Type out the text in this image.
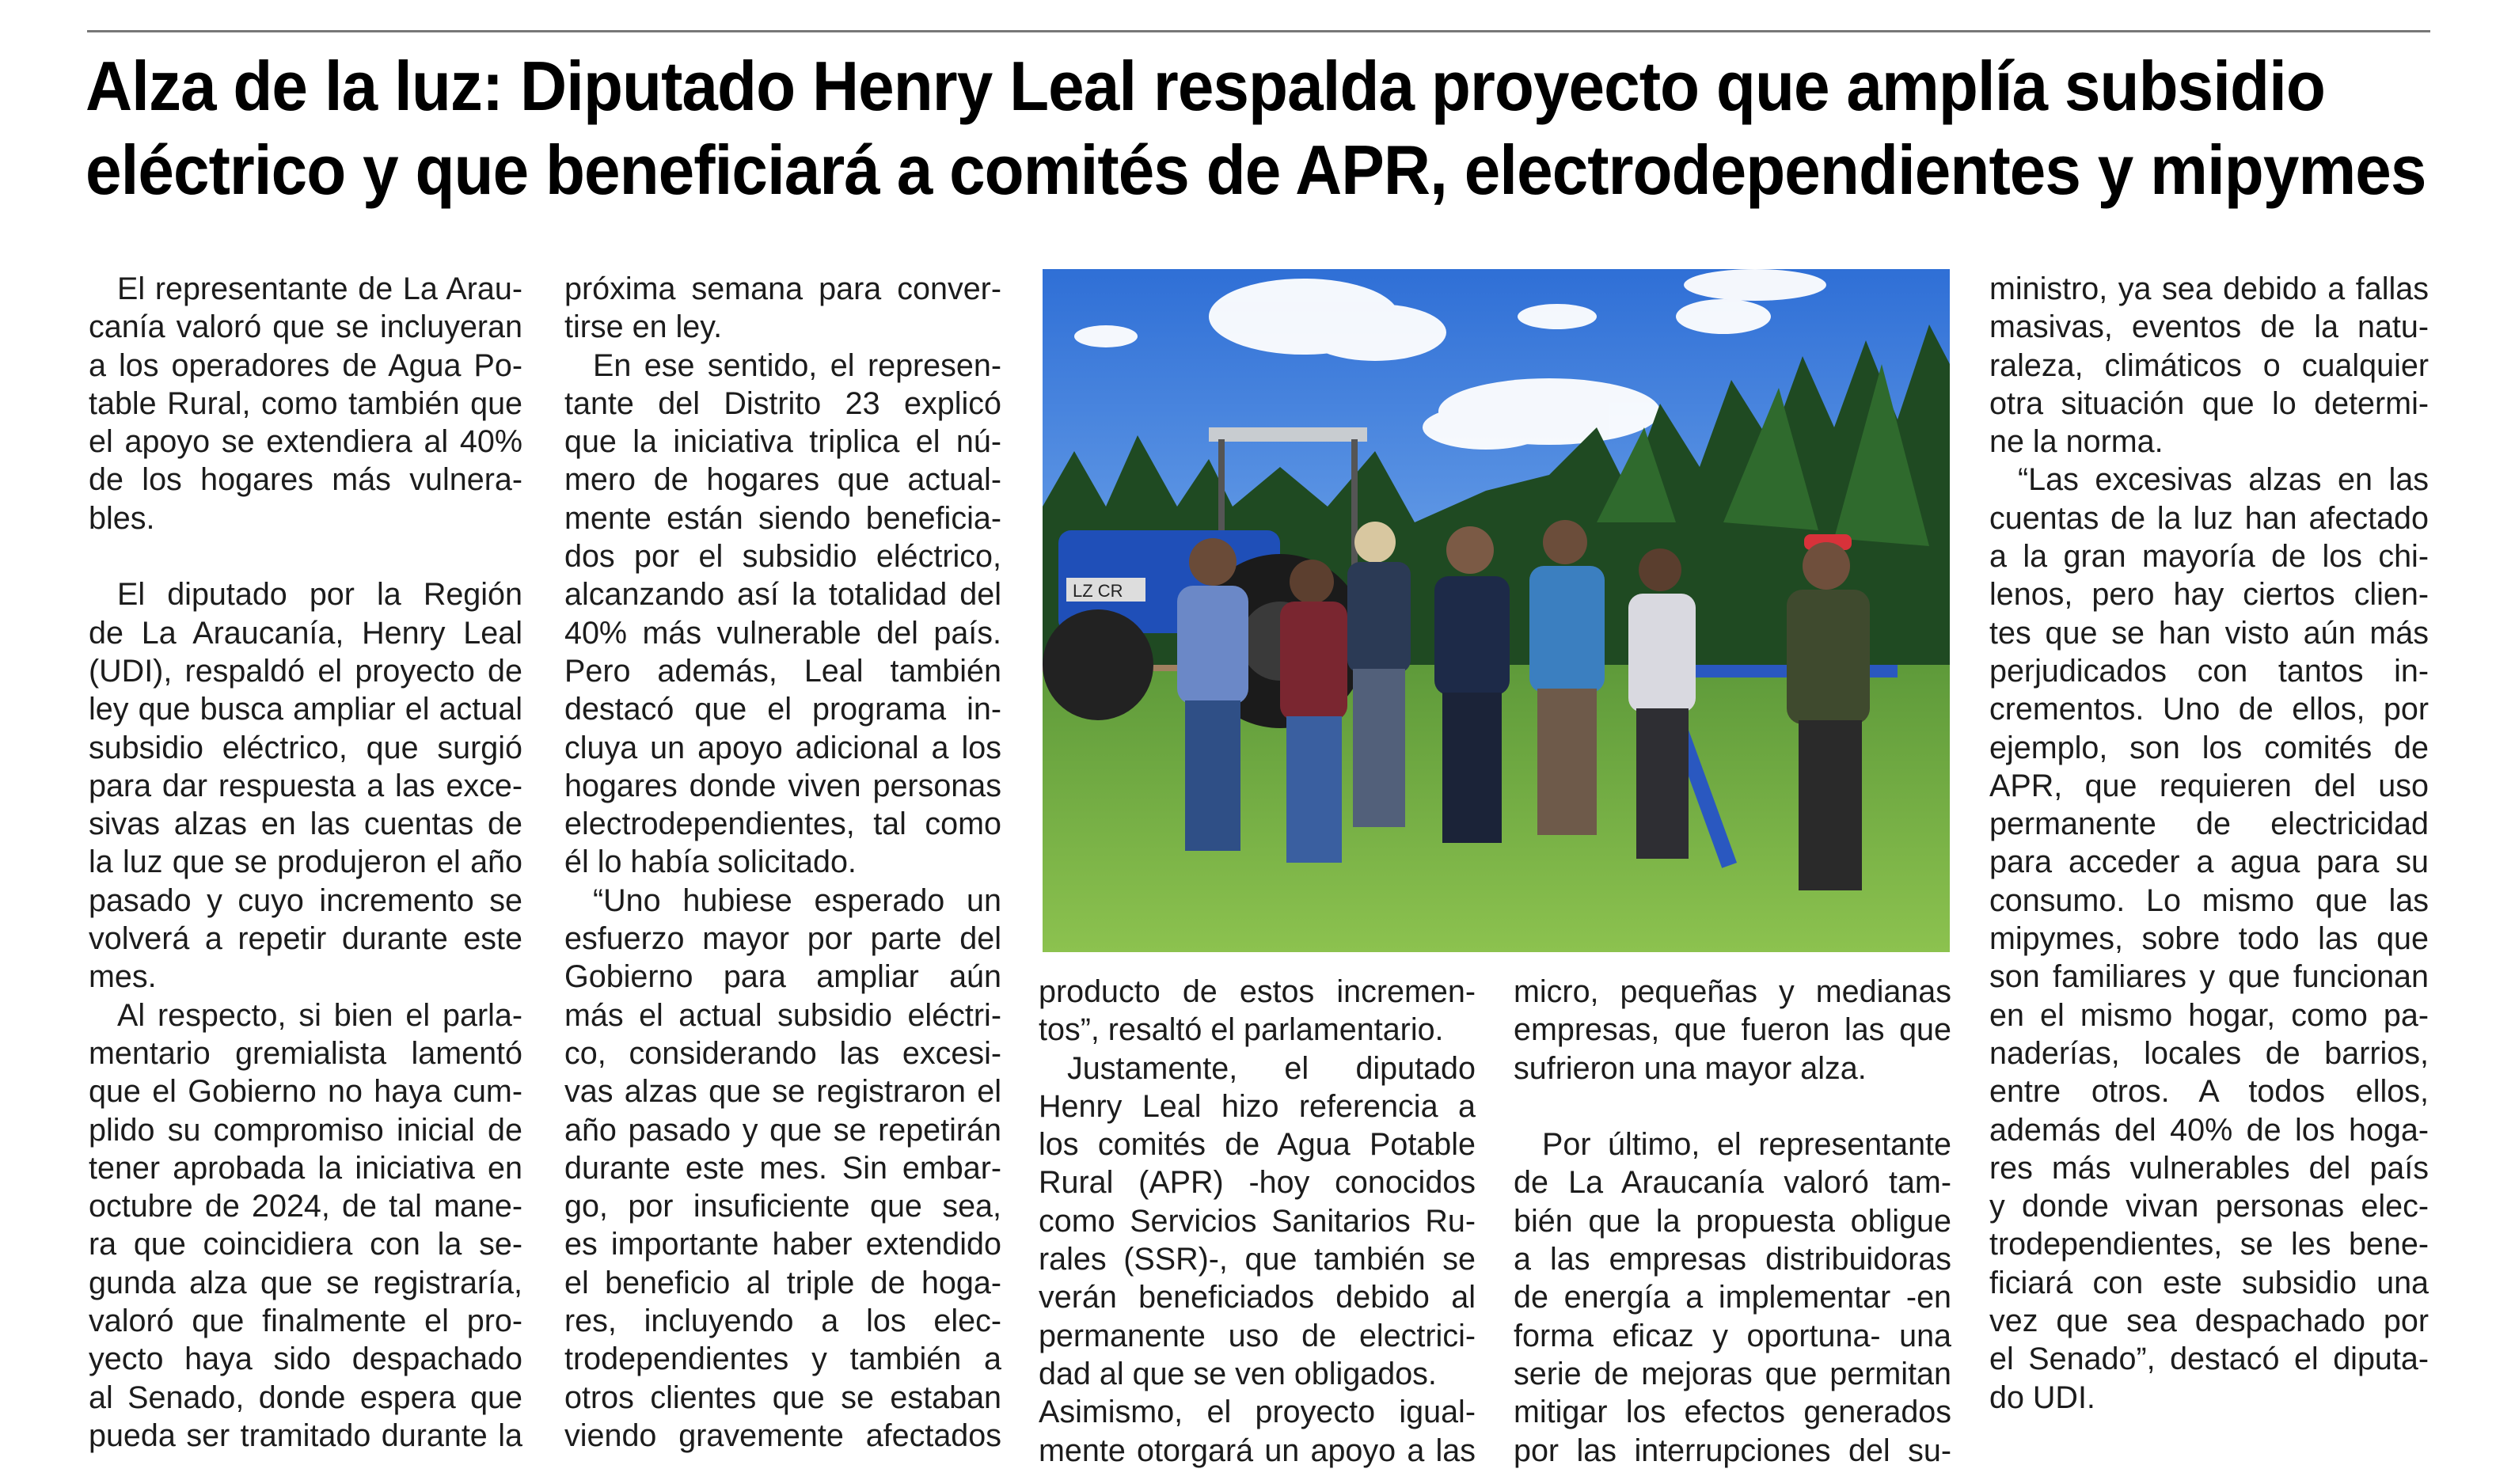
Alza de la luz: Diputado Henry Leal respalda proyecto que amplía subsidio
eléctrico y que beneficiará a comités de APR, electrodependientes y mipymes
El representante de La Arau-
canía valoró que se incluyeran
a los operadores de Agua Po-
table Rural, como también que
el apoyo se extendiera al 40%
de los hogares más vulnera-
bles.
El diputado por la Región
de La Araucanía, Henry Leal
(UDI), respaldó el proyecto de
ley que busca ampliar el actual
subsidio eléctrico, que surgió
para dar respuesta a las exce-
sivas alzas en las cuentas de
la luz que se produjeron el año
pasado y cuyo incremento se
volverá a repetir durante este
mes.
Al respecto, si bien el parla-
mentario gremialista lamentó
que el Gobierno no haya cum-
plido su compromiso inicial de
tener aprobada la iniciativa en
octubre de 2024, de tal mane-
ra que coincidiera con la se-
gunda alza que se registraría,
valoró que finalmente el pro-
yecto haya sido despachado
al Senado, donde espera que
pueda ser tramitado durante la
próxima semana para conver-
tirse en ley.
En ese sentido, el represen-
tante del Distrito 23 explicó
que la iniciativa triplica el nú-
mero de hogares que actual-
mente están siendo beneficia-
dos por el subsidio eléctrico,
alcanzando así la totalidad del
40% más vulnerable del país.
Pero además, Leal también
destacó que el programa in-
cluya un apoyo adicional a los
hogares donde viven personas
electrodependientes, tal como
él lo había solicitado.
“Uno hubiese esperado un
esfuerzo mayor por parte del
Gobierno para ampliar aún
más el actual subsidio eléctri-
co, considerando las excesi-
vas alzas que se registraron el
año pasado y que se repetirán
durante este mes. Sin embar-
go, por insuficiente que sea,
es importante haber extendido
el beneficio al triple de hoga-
res, incluyendo a los elec-
trodependientes y también a
otros clientes que se estaban
viendo gravemente afectados
LZ CR
producto de estos incremen-
tos”, resaltó el parlamentario.
Justamente, el diputado
Henry Leal hizo referencia a
los comités de Agua Potable
Rural (APR) -hoy conocidos
como Servicios Sanitarios Ru-
rales (SSR)-, que también se
verán beneficiados debido al
permanente uso de electrici-
dad al que se ven obligados.
Asimismo, el proyecto igual-
mente otorgará un apoyo a las
micro, pequeñas y medianas
empresas, que fueron las que
sufrieron una mayor alza.
Por último, el representante
de La Araucanía valoró tam-
bién que la propuesta obligue
a las empresas distribuidoras
de energía a implementar -en
forma eficaz y oportuna- una
serie de mejoras que permitan
mitigar los efectos generados
por las interrupciones del su-
ministro, ya sea debido a fallas
masivas, eventos de la natu-
raleza, climáticos o cualquier
otra situación que lo determi-
ne la norma.
“Las excesivas alzas en las
cuentas de la luz han afectado
a la gran mayoría de los chi-
lenos, pero hay ciertos clien-
tes que se han visto aún más
perjudicados con tantos in-
crementos. Uno de ellos, por
ejemplo, son los comités de
APR, que requieren del uso
permanente de electricidad
para acceder a agua para su
consumo. Lo mismo que las
mipymes, sobre todo las que
son familiares y que funcionan
en el mismo hogar, como pa-
naderías, locales de barrios,
entre otros. A todos ellos,
además del 40% de los hoga-
res más vulnerables del país
y donde vivan personas elec-
trodependientes, se les bene-
ficiará con este subsidio una
vez que sea despachado por
el Senado”, destacó el diputa-
do UDI.
